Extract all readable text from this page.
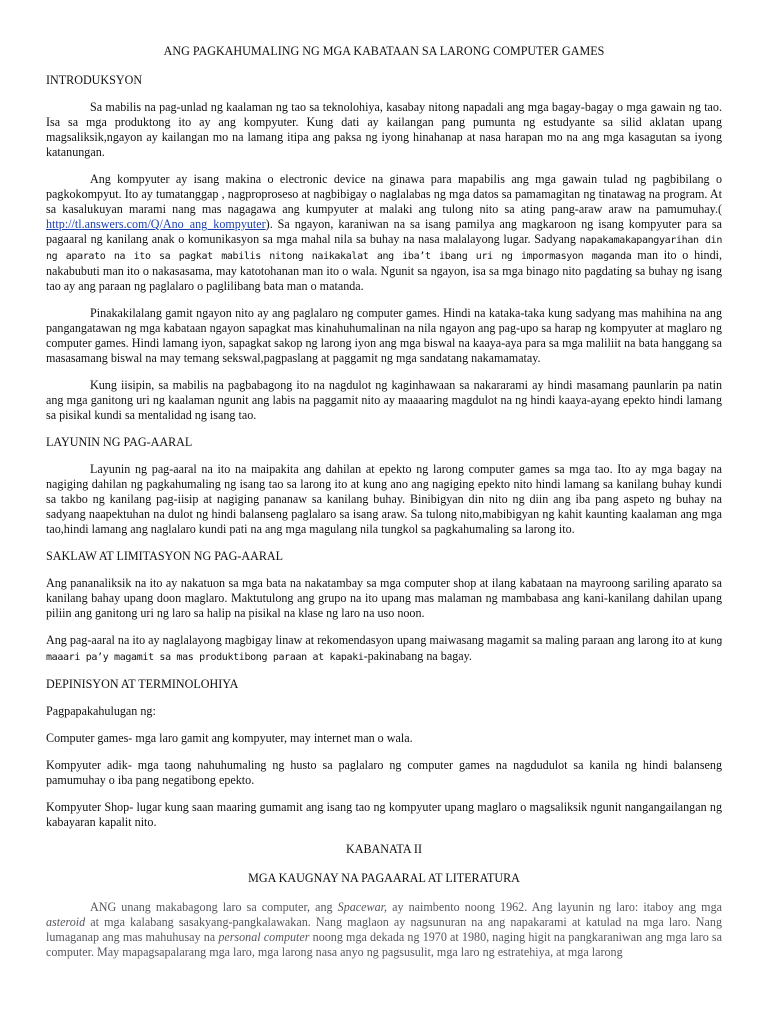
ANG PAGKAHUMALING NG MGA KABATAAN SA LARONG COMPUTER GAMES
INTRODUKSYON

Sa mabilis na pag-unlad ng kaalaman ng tao sa teknolohiya, kasabay nitong napadali ang mga bagay-bagay o mga gawain ng tao. Isa sa mga produktong ito ay ang kompyuter. Kung dati ay kailangan pang pumunta ng estudyante sa silid aklatan upang magsaliksik,ngayon ay kailangan mo na lamang itipa ang paksa ng iyong hinahanap at nasa harapan mo na ang mga kasagutan sa iyong katanungan.

Ang kompyuter ay isang makina o electronic device na ginawa para mapabilis ang mga gawain tulad ng pagbibilang o pagkokompyut. Ito ay tumatanggap , nagproproseso at nagbibigay o naglalabas ng mga datos sa pamamagitan ng tinatawag na program. At sa kasalukuyan marami nang mas nagagawa ang kumpyuter at malaki ang tulong nito sa ating pang-araw araw na pamumuhay.( http://tl.answers.com/Q/Ano_ang_kompyuter). Sa ngayon, karaniwan na sa isang pamilya ang magkaroon ng isang kompyuter para sa pagaaral ng kanilang anak o komunikasyon sa mga mahal nila sa buhay na nasa malalayong lugar. Sadyang napakamakapangyarihan din ng aparato na ito sa pagkat mabilis nitong naikakalat ang iba’t ibang uri ng impormasyon maganda man ito o hindi, nakabubuti man ito o nakasasama, may katotohanan man ito o wala. Ngunit sa ngayon, isa sa mga binago nito pagdating sa buhay ng isang tao ay ang paraan ng paglalaro o paglilibang bata man o matanda.

Pinakakilalang gamit ngayon nito ay ang paglalaro ng computer games. Hindi na kataka-taka kung sadyang mas mahihina na ang pangangatawan ng mga kabataan ngayon sapagkat mas kinahuhumalinan na nila ngayon ang pag-upo sa harap ng kompyuter at maglaro ng computer games. Hindi lamang iyon, sapagkat sakop ng larong iyon ang mga biswal na kaaya-aya para sa mga maliliit na bata hanggang sa masasamang biswal na may temang sekswal,pagpaslang at paggamit ng mga sandatang nakamamatay.

Kung iisipin, sa mabilis na pagbabagong ito na nagdulot ng kaginhawaan sa nakararami ay hindi masamang paunlarin pa natin ang mga ganitong uri ng kaalaman ngunit ang labis na paggamit nito ay maaaaring magdulot na ng hindi kaaya-ayang epekto hindi lamang sa pisikal kundi sa mentalidad ng isang tao.

LAYUNIN NG PAG-AARAL

Layunin ng pag-aaral na ito na maipakita ang dahilan at epekto ng larong computer games sa mga tao. Ito ay mga bagay na nagiging dahilan ng pagkahumaling ng isang tao sa larong ito at kung ano ang nagiging epekto nito hindi lamang sa kanilang buhay kundi sa takbo ng kanilang pag-iisip at nagiging pananaw sa kanilang buhay. Binibigyan din nito ng diin ang iba pang aspeto ng buhay na sadyang naapektuhan na dulot ng hindi balanseng paglalaro sa isang araw. Sa tulong nito,mabibigyan ng kahit kaunting kaalaman ang mga tao,hindi lamang ang naglalaro kundi pati na ang mga magulang nila tungkol sa pagkahumaling sa larong ito.

SAKLAW AT LIMITASYON NG PAG-AARAL

Ang pananaliksik na ito ay nakatuon sa mga bata na nakatambay sa mga computer shop at ilang kabataan na mayroong sariling aparato sa kanilang bahay upang doon maglaro. Maktutulong ang grupo na ito upang mas malaman ng mambabasa ang kani-kanilang dahilan upang piliin ang ganitong uri ng laro sa halip na pisikal na klase ng laro na uso noon.

Ang pag-aaral na ito ay naglalayong magbigay linaw at rekomendasyon upang maiwasang magamit sa maling paraan ang larong ito at kung maaari pa’y magamit sa mas produktibong paraan at kapaki-pakinabang na bagay.

DEPINISYON AT TERMINOLOHIYA

Pagpapakahulugan ng:

Computer games- mga laro gamit ang kompyuter, may internet man o wala.

Kompyuter adik- mga taong nahuhumaling ng husto sa paglalaro ng computer games na nagdudulot sa kanila ng hindi balanseng pamumuhay o iba pang negatibong epekto.

Kompyuter Shop- lugar kung saan maaring gumamit ang isang tao ng kompyuter upang maglaro o magsaliksik ngunit nangangailangan ng kabayaran kapalit nito.

KABANATA II
MGA KAUGNAY NA PAGAARAL AT LITERATURA

ANG unang makabagong laro sa computer, ang Spacewar, ay naimbento noong 1962. Ang layunin ng laro: itaboy ang mga asteroid at mga kalabang sasakyang-pangkalawakan. Nang maglaon ay nagsunuran na ang napakarami at katulad na mga laro. Nang lumaganap ang mas mahuhusay na personal computer noong mga dekada ng 1970 at 1980, naging higit na pangkaraniwan ang mga laro sa computer. May mapagsapalarang mga laro, mga larong nasa anyo ng pagsusulit, mga laro ng estratehiya, at mga larong
